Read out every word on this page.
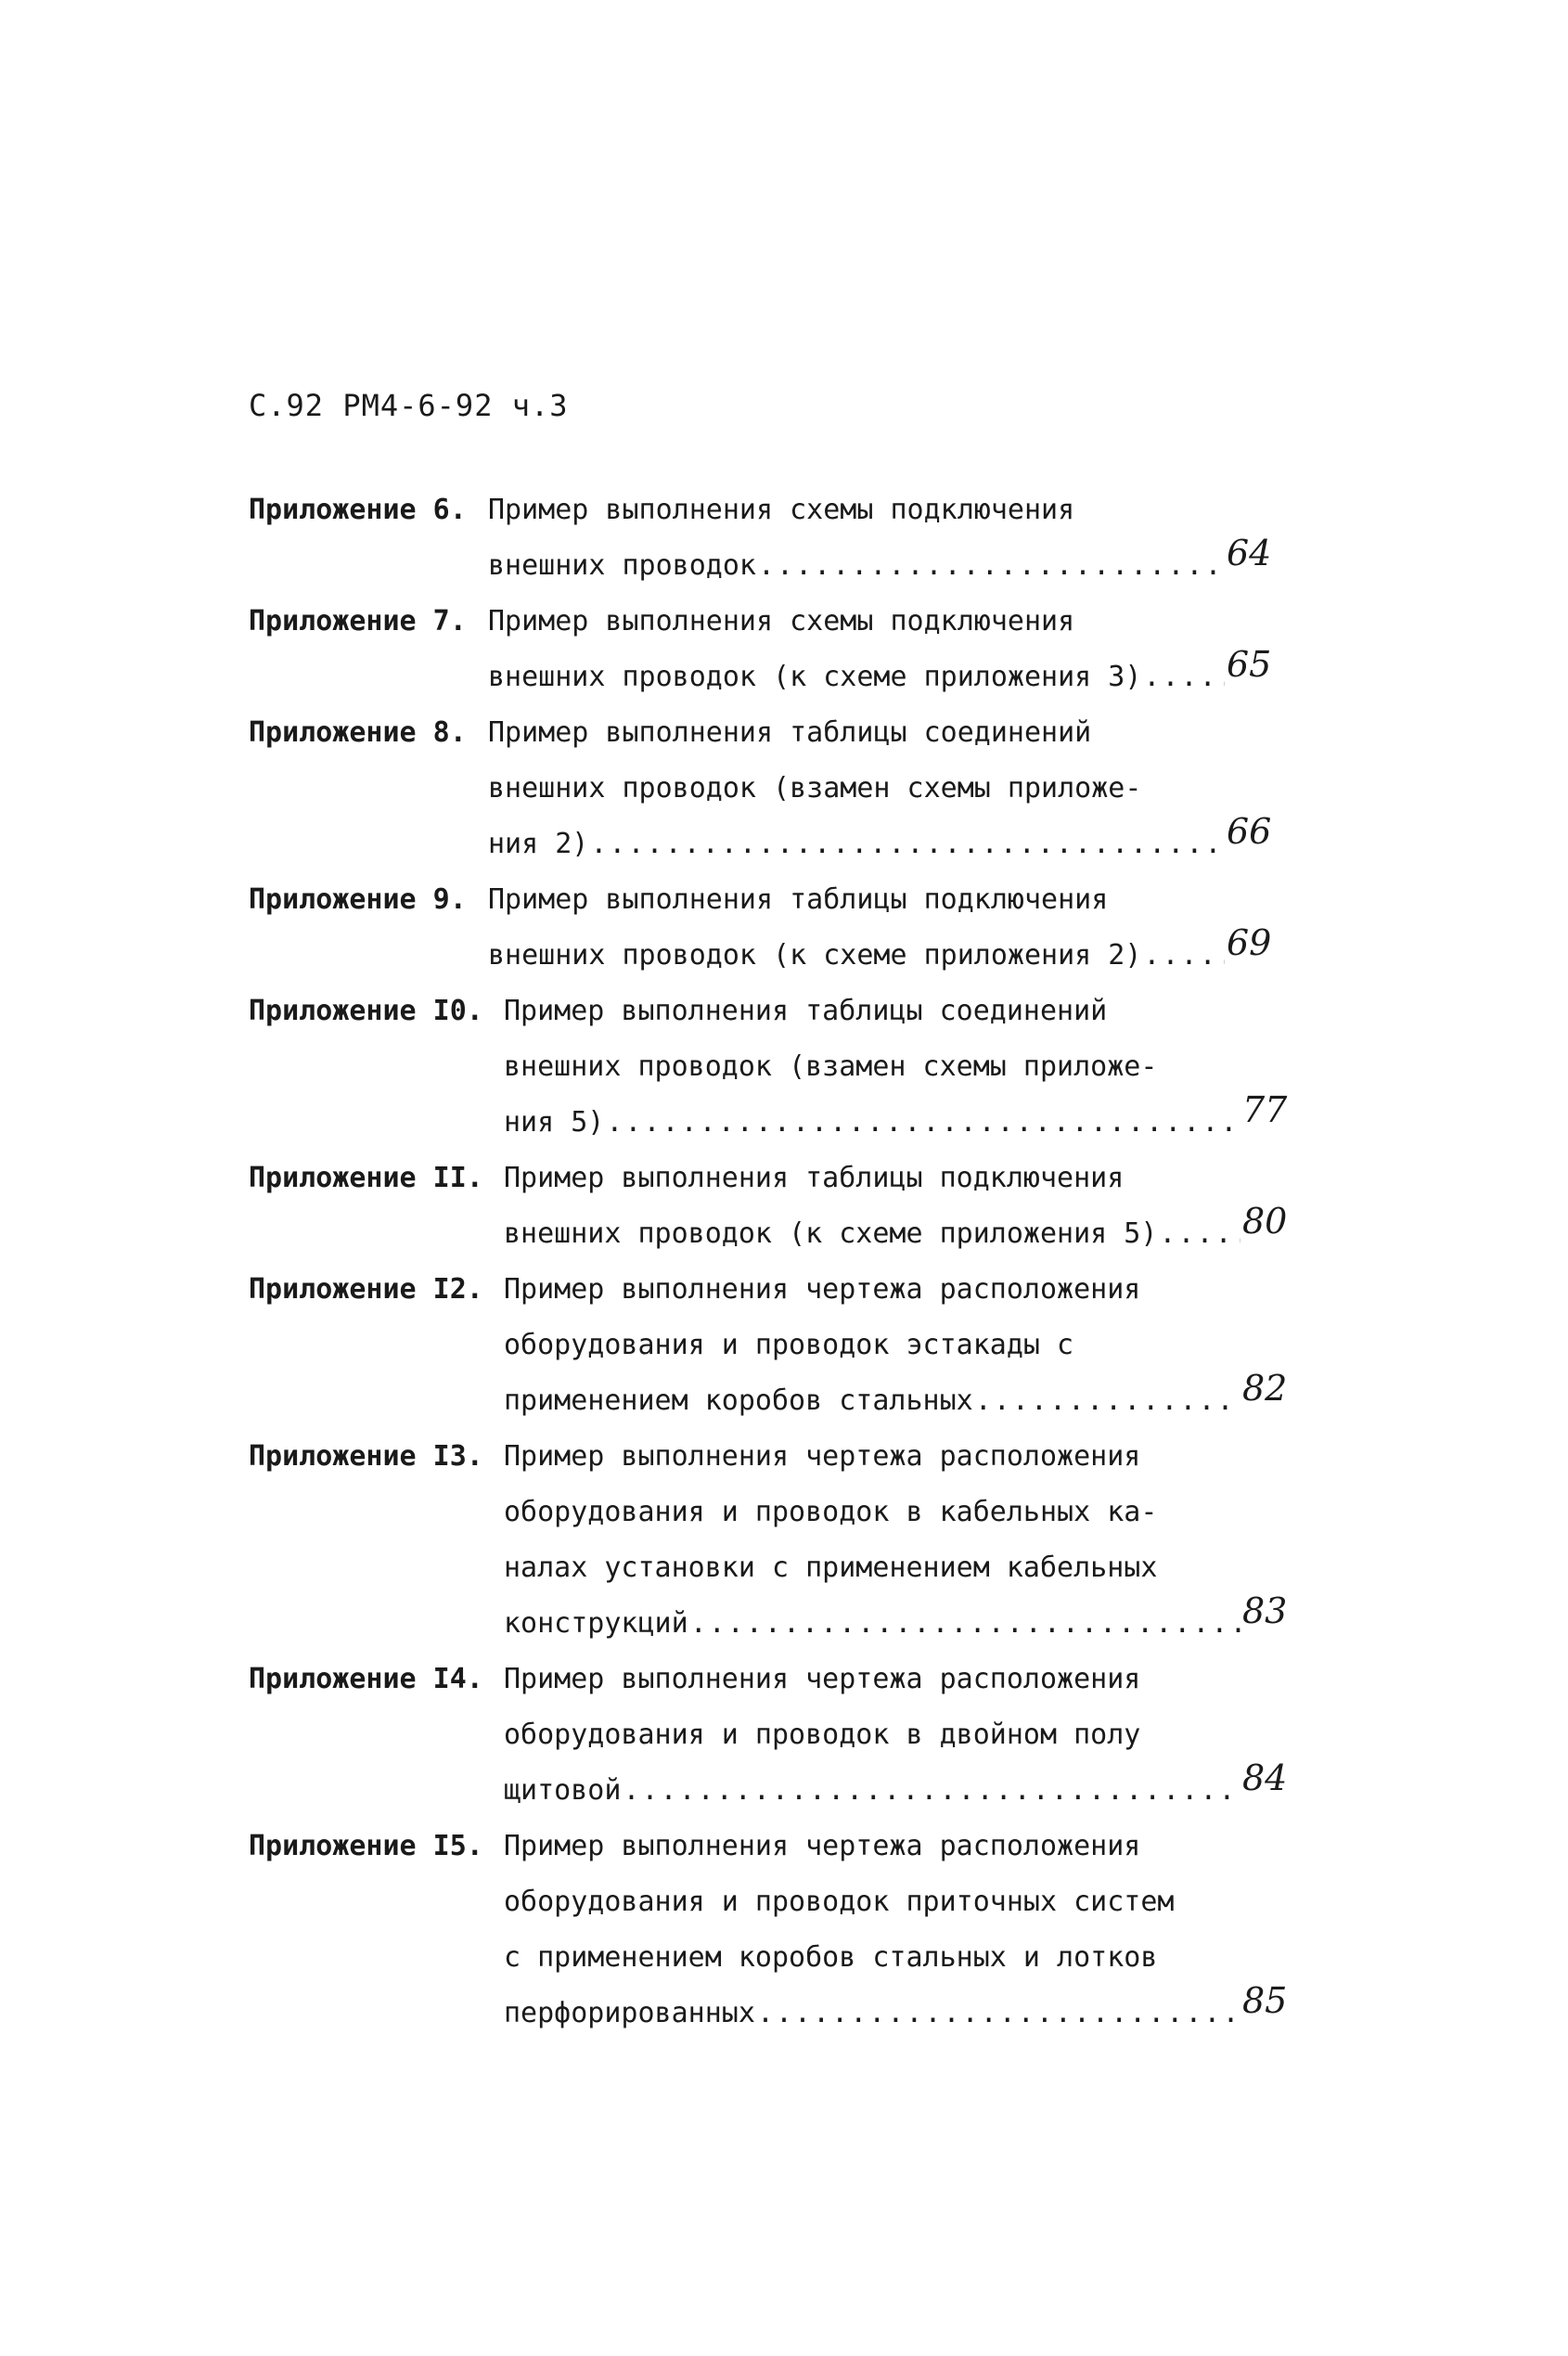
С.92 РМ4-6-92 ч.3
Приложение 6. Пример выполнения схемы подключения
внешних проводок .....	64
Приложение 7. Пример выполнения схемы подключения
внешних проводок (к схеме приложения 3) ..... 65
Приложение 8. Пример выполнения таблицы соединений
внешних проводок (взамен схемы приложе-
ния 2) .....	66
Приложение 9. Пример выполнения таблицы подключения
внешних проводок (к схеме приложения 2) ..... 69
Приложение I0. Пример выполнения таблицы соединений
внешних проводок (взамен схемы приложе-
ния 5) .....	77
Приложение II. Пример выполнения таблицы подключения
внешних проводок (к схеме приложения 5) ..... 80
Приложение I2. Пример выполнения чертежа расположения
оборудования и проводок эстакады с
применением коробов стальных .....	82
Приложение I3. Пример выполнения чертежа расположения
оборудования и проводок в кабельных ка-
налах установки с применением кабельных
конструкций .....	83
Приложение I4. Пример выполнения чертежа расположения
оборудования и проводок в двойном полу
щитовой .....	84
Приложение I5. Пример выполнения чертежа расположения
оборудования и проводок приточных систем
с применением коробов стальных и лотков
перфорированных .....	85
